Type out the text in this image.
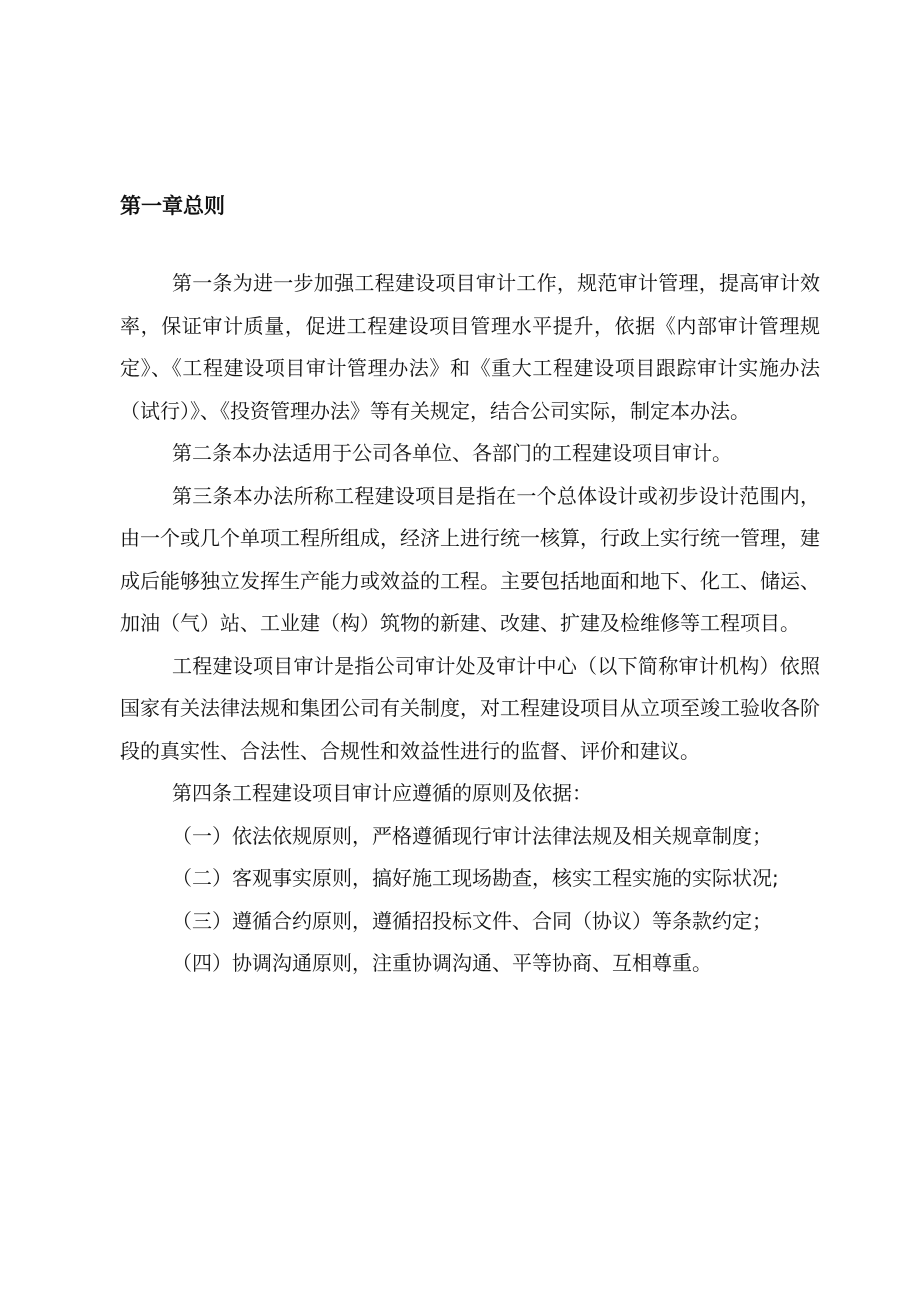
第一章总则

第一条为进一步加强工程建设项目审计工作，规范审计管理，提高审计效率，保证审计质量，促进工程建设项目管理水平提升，依据《内部审计管理规定》、《工程建设项目审计管理办法》和《重大工程建设项目跟踪审计实施办法（试行）》、《投资管理办法》等有关规定，结合公司实际，制定本办法。

第二条本办法适用于公司各单位、各部门的工程建设项目审计。

第三条本办法所称工程建设项目是指在一个总体设计或初步设计范围内，由一个或几个单项工程所组成，经济上进行统一核算，行政上实行统一管理，建成后能够独立发挥生产能力或效益的工程。主要包括地面和地下、化工、储运、加油（气）站、工业建（构）筑物的新建、改建、扩建及检维修等工程项目。

工程建设项目审计是指公司审计处及审计中心（以下简称审计机构）依照国家有关法律法规和集团公司有关制度，对工程建设项目从立项至竣工验收各阶段的真实性、合法性、合规性和效益性进行的监督、评价和建议。

第四条工程建设项目审计应遵循的原则及依据：

（一）依法依规原则，严格遵循现行审计法律法规及相关规章制度；

（二）客观事实原则，搞好施工现场勘查，核实工程实施的实际状况;

（三）遵循合约原则，遵循招投标文件、合同（协议）等条款约定；

（四）协调沟通原则，注重协调沟通、平等协商、互相尊重。
